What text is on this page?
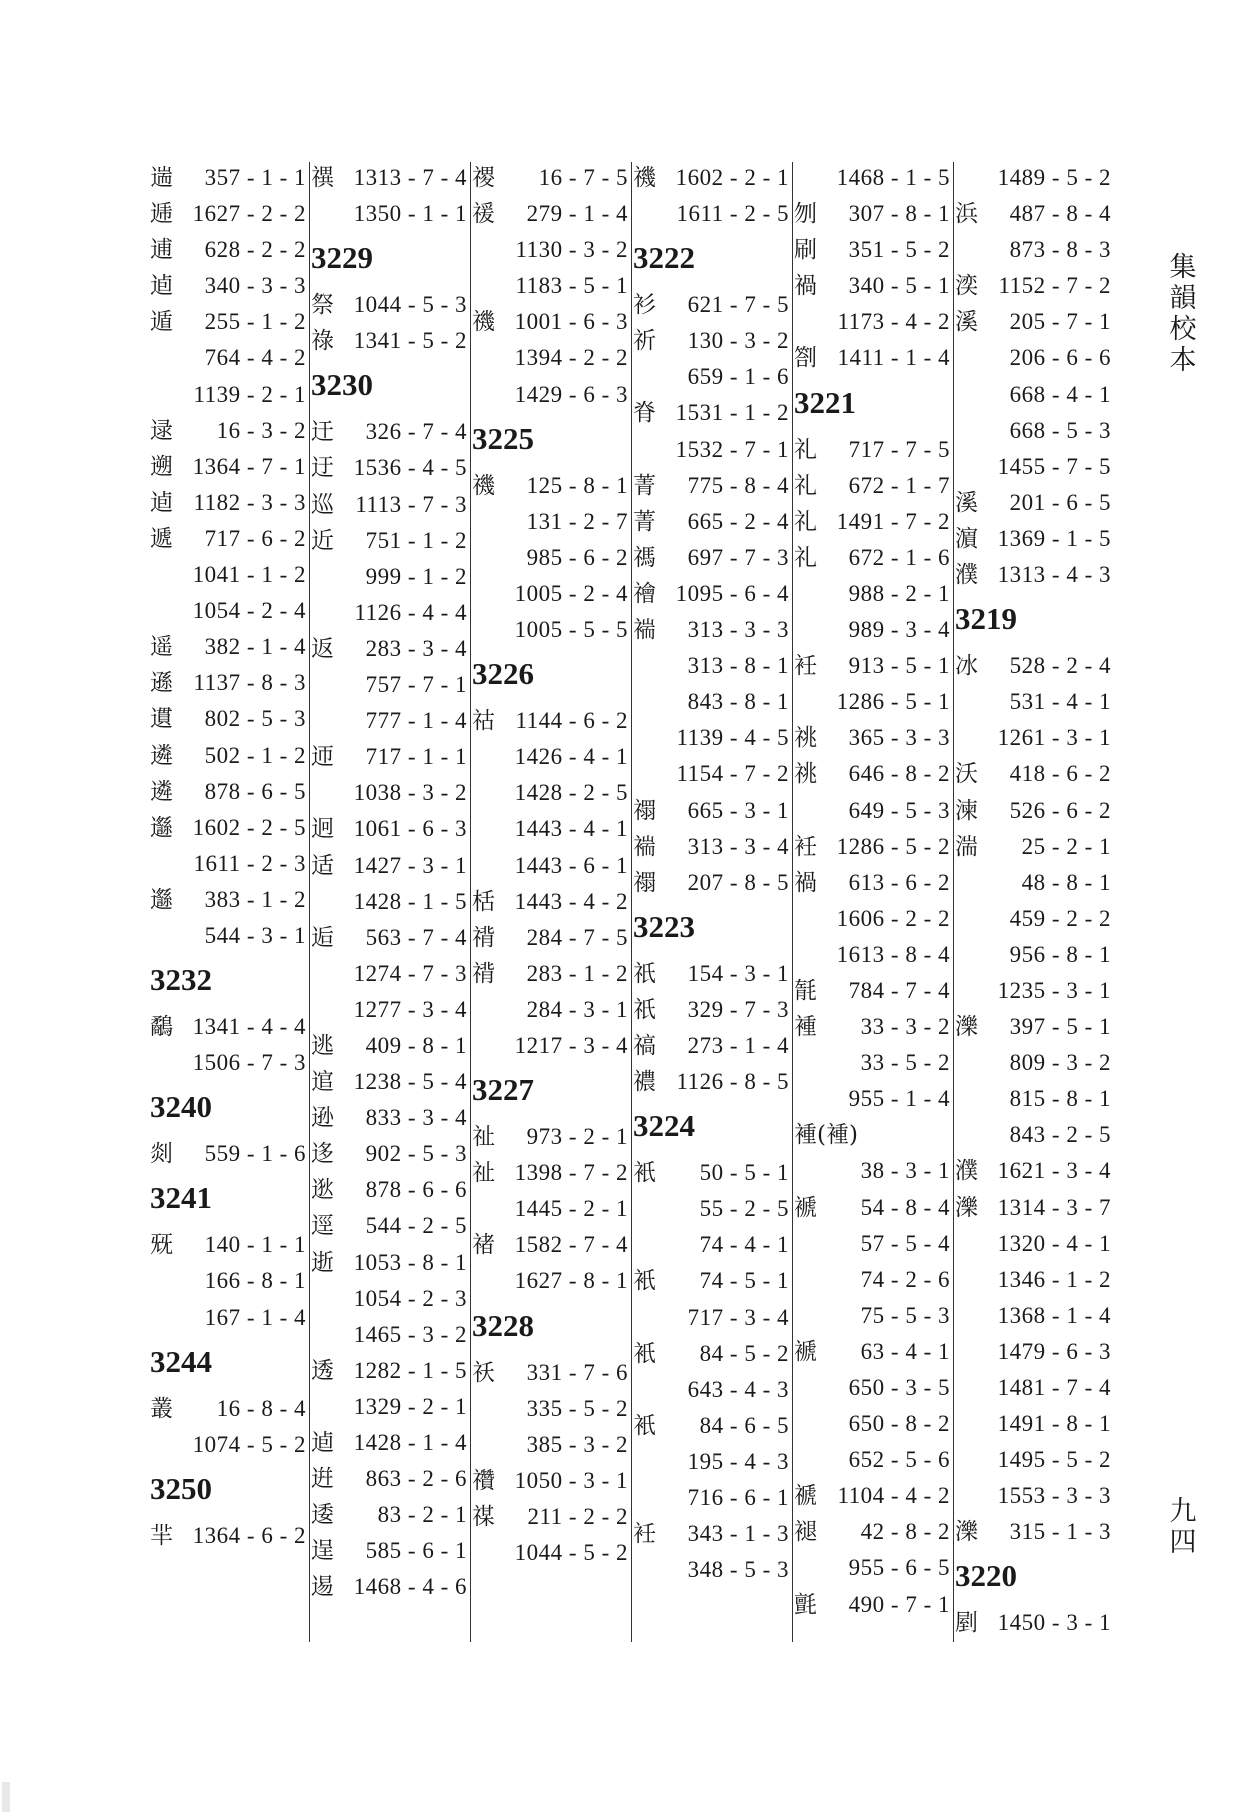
遄 357 - 1 - 1
逓 1627 - 2 - 2
逋 628 - 2 - 2
逌 340 - 3 - 3
遁 255 - 1 - 2
764 - 4 - 2
1139 - 2 - 1
逯 16 - 3 - 2
遡 1364 - 7 - 1
逌 1182 - 3 - 3
遞 717 - 6 - 2
1041 - 1 - 2
1054 - 2 - 4
遥 382 - 1 - 4
遜 1137 - 8 - 3
遦 802 - 5 - 3
遴 502 - 1 - 2
遴 878 - 6 - 5
邎 1602 - 2 - 5
1611 - 2 - 3
邎 383 - 1 - 2
544 - 3 - 1
3232
鷸 1341 - 4 - 4
1506 - 7 - 3
3240
剡 559 - 1 - 6
3241
兓 140 - 1 - 1
166 - 8 - 1
167 - 1 - 4
3244
叢 16 - 8 - 4
1074 - 5 - 2
3250
羋 1364 - 6 - 2
禩 1313 - 7 - 4
1350 - 1 - 1
3229
祭 1044 - 5 - 3
祿 1341 - 5 - 2
3230
迀 326 - 7 - 4
迂 1536 - 4 - 5
巡 1113 - 7 - 3
近 751 - 1 - 2
999 - 1 - 2
1126 - 4 - 4
返 283 - 3 - 4
757 - 7 - 1
777 - 1 - 4
迊 717 - 1 - 1
1038 - 3 - 2
迥 1061 - 6 - 3
适 1427 - 3 - 1
1428 - 1 - 5
逅 563 - 7 - 4
1274 - 7 - 3
1277 - 3 - 4
逃 409 - 8 - 1
逭 1238 - 5 - 4
逊 833 - 3 - 4
迻 902 - 5 - 3
逖 878 - 6 - 6
逕 544 - 2 - 5
逝 1053 - 8 - 1
1054 - 2 - 3
1465 - 3 - 2
透 1282 - 1 - 5
1329 - 2 - 1
逌 1428 - 1 - 4
逬 863 - 2 - 6
逶 83 - 2 - 1
逞 585 - 6 - 1
逷 1468 - 4 - 6
禝 16 - 7 - 5
禐 279 - 1 - 4
1130 - 3 - 2
1183 - 5 - 1
禨 1001 - 6 - 3
1394 - 2 - 2
1429 - 6 - 3
3225
禨 125 - 8 - 1
131 - 2 - 7
985 - 6 - 2
1005 - 2 - 4
1005 - 5 - 5
3226
祜 1144 - 6 - 2
1426 - 4 - 1
1428 - 2 - 5
1443 - 4 - 1
1443 - 6 - 1
栝 1443 - 4 - 2
禙 284 - 7 - 5
禙 283 - 1 - 2
284 - 3 - 1
1217 - 3 - 4
3227
祉 973 - 2 - 1
祉 1398 - 7 - 2
1445 - 2 - 1
禇 1582 - 7 - 4
1627 - 8 - 1
3228
祅 331 - 7 - 6
335 - 5 - 2
385 - 3 - 2
禶 1050 - 3 - 1
禖 211 - 2 - 2
1044 - 5 - 2
禨 1602 - 2 - 1
1611 - 2 - 5
3222
衫 621 - 7 - 5
祈 130 - 3 - 2
659 - 1 - 6
脊 1531 - 1 - 2
1532 - 7 - 1
菁 775 - 8 - 4
菁 665 - 2 - 4
禡 697 - 7 - 3
禬 1095 - 6 - 4
褍 313 - 3 - 3
313 - 8 - 1
843 - 8 - 1
1139 - 4 - 5
1154 - 7 - 2
禤 665 - 3 - 1
褍 313 - 3 - 4
禤 207 - 8 - 5
3223
祇 154 - 3 - 1
祇 329 - 7 - 3
禞 273 - 1 - 4
禯 1126 - 8 - 5
3224
衹 50 - 5 - 1
55 - 2 - 5
74 - 4 - 1
衹 74 - 5 - 1
717 - 3 - 4
衹 84 - 5 - 2
643 - 4 - 3
衹 84 - 6 - 5
195 - 4 - 3
716 - 6 - 1
衽 343 - 1 - 3
348 - 5 - 3
1468 - 1 - 5
刎 307 - 8 - 1
刷 351 - 5 - 2
禍 340 - 5 - 1
1173 - 4 - 2
劄 1411 - 1 - 4
3221
礼 717 - 7 - 5
礼 672 - 1 - 7
礼 1491 - 7 - 2
礼 672 - 1 - 6
988 - 2 - 1
989 - 3 - 4
衽 913 - 5 - 1
1286 - 5 - 1
祧 365 - 3 - 3
祧 646 - 8 - 2
649 - 5 - 3
衽 1286 - 5 - 2
禍 613 - 6 - 2
1606 - 2 - 2
1613 - 8 - 4
毻 784 - 7 - 4
褈 33 - 3 - 2
33 - 5 - 2
955 - 1 - 4
褈(褈)
38 - 3 - 1
褫 54 - 8 - 4
57 - 5 - 4
74 - 2 - 6
75 - 5 - 3
褫 63 - 4 - 1
650 - 3 - 5
650 - 8 - 2
652 - 5 - 6
禠 1104 - 4 - 2
褪 42 - 8 - 2
955 - 6 - 5
氈 490 - 7 - 1
1489 - 5 - 2
浜 487 - 8 - 4
873 - 8 - 3
湙 1152 - 7 - 2
溪 205 - 7 - 1
206 - 6 - 6
668 - 4 - 1
668 - 5 - 3
1455 - 7 - 5
溪 201 - 6 - 5
濵 1369 - 1 - 5
濮 1313 - 4 - 3
3219
冰 528 - 2 - 4
531 - 4 - 1
1261 - 3 - 1
沃 418 - 6 - 2
湅 526 - 6 - 2
湍 25 - 2 - 1
48 - 8 - 1
459 - 2 - 2
956 - 8 - 1
1235 - 3 - 1
濼 397 - 5 - 1
809 - 3 - 2
815 - 8 - 1
843 - 2 - 5
濮 1621 - 3 - 4
濼 1314 - 3 - 7
1320 - 4 - 1
1346 - 1 - 2
1368 - 1 - 4
1479 - 6 - 3
1481 - 7 - 4
1491 - 8 - 1
1495 - 5 - 2
1553 - 3 - 3
濼 315 - 1 - 3
3220
剭 1450 - 3 - 1
集韻校本
九四
